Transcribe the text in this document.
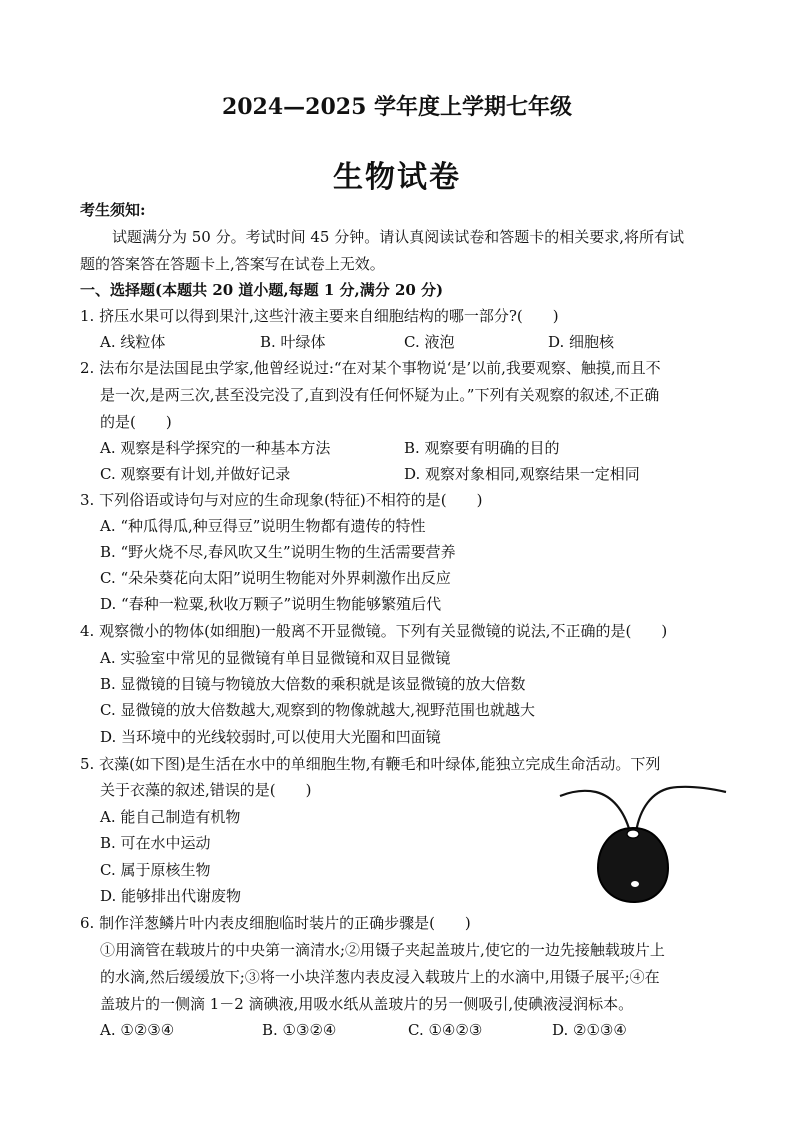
2024—2025 学年度上学期七年级
生物试卷
考生须知:
试题满分为 50 分。考试时间 45 分钟。请认真阅读试卷和答题卡的相关要求,将所有试
题的答案答在答题卡上,答案写在试卷上无效。
一、选择题(本题共 20 道小题,每题 1 分,满分 20 分)
1. 挤压水果可以得到果汁,这些汁液主要来自细胞结构的哪一部分?(　　)
A. 线粒体	B. 叶绿体	C. 液泡	D. 细胞核
2. 法布尔是法国昆虫学家,他曾经说过:“在对某个事物说‘是’以前,我要观察、触摸,而且不
是一次,是两三次,甚至没完没了,直到没有任何怀疑为止。”下列有关观察的叙述,不正确
的是(　　)
A. 观察是科学探究的一种基本方法	B. 观察要有明确的目的
C. 观察要有计划,并做好记录	D. 观察对象相同,观察结果一定相同
3. 下列俗语或诗句与对应的生命现象(特征)不相符的是(　　)
A. “种瓜得瓜,种豆得豆”说明生物都有遗传的特性
B. “野火烧不尽,春风吹又生”说明生物的生活需要营养
C. “朵朵葵花向太阳”说明生物能对外界刺激作出反应
D. “春种一粒粟,秋收万颗子”说明生物能够繁殖后代
4. 观察微小的物体(如细胞)一般离不开显微镜。下列有关显微镜的说法,不正确的是(　　)
A. 实验室中常见的显微镜有单目显微镜和双目显微镜
B. 显微镜的目镜与物镜放大倍数的乘积就是该显微镜的放大倍数
C. 显微镜的放大倍数越大,观察到的物像就越大,视野范围也就越大
D. 当环境中的光线较弱时,可以使用大光圈和凹面镜
5. 衣藻(如下图)是生活在水中的单细胞生物,有鞭毛和叶绿体,能独立完成生命活动。下列
关于衣藻的叙述,错误的是(　　)
A. 能自己制造有机物
B. 可在水中运动
C. 属于原核生物
D. 能够排出代谢废物
6. 制作洋葱鳞片叶内表皮细胞临时装片的正确步骤是(　　)
①用滴管在载玻片的中央第一滴清水;②用镊子夹起盖玻片,使它的一边先接触载玻片上
的水滴,然后缓缓放下;③将一小块洋葱内表皮浸入载玻片上的水滴中,用镊子展平;④在
盖玻片的一侧滴 1－2 滴碘液,用吸水纸从盖玻片的另一侧吸引,使碘液浸润标本。
A. ①②③④	B. ①③②④	C. ①④②③	D. ②①③④
